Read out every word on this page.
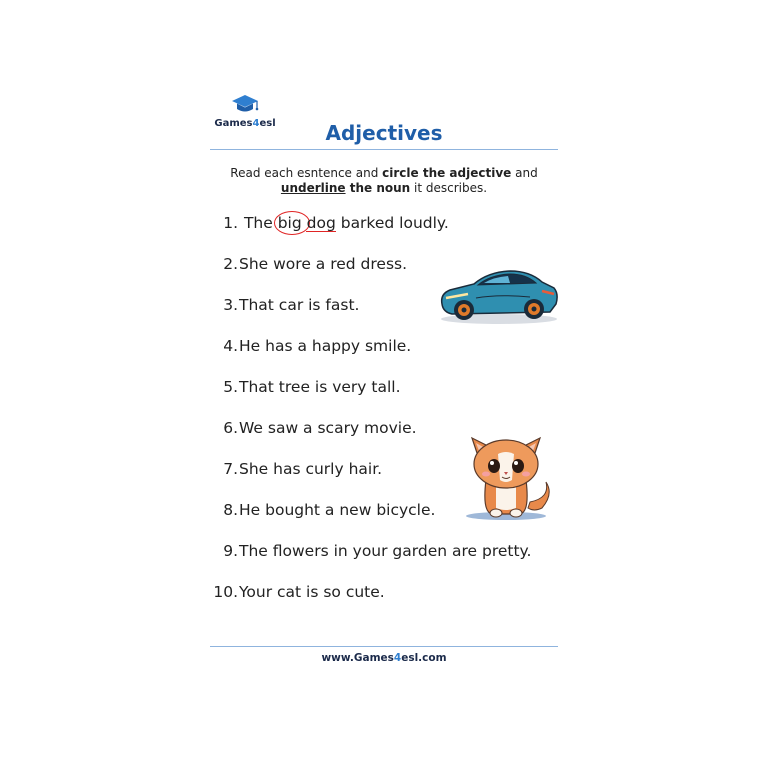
Games4esl	Adjectives
Read each esntence and circle the adjective and
underline the noun it describes.
1. The big dog barked loudly.
2.She wore a red dress.
3.That car is fast.
4.He has a happy smile.
5.That tree is very tall.
6.We saw a scary movie.
7.She has curly hair.
8.He bought a new bicycle.
9.The flowers in your garden are pretty.
10.Your cat is so cute.
www.Games4esl.com
